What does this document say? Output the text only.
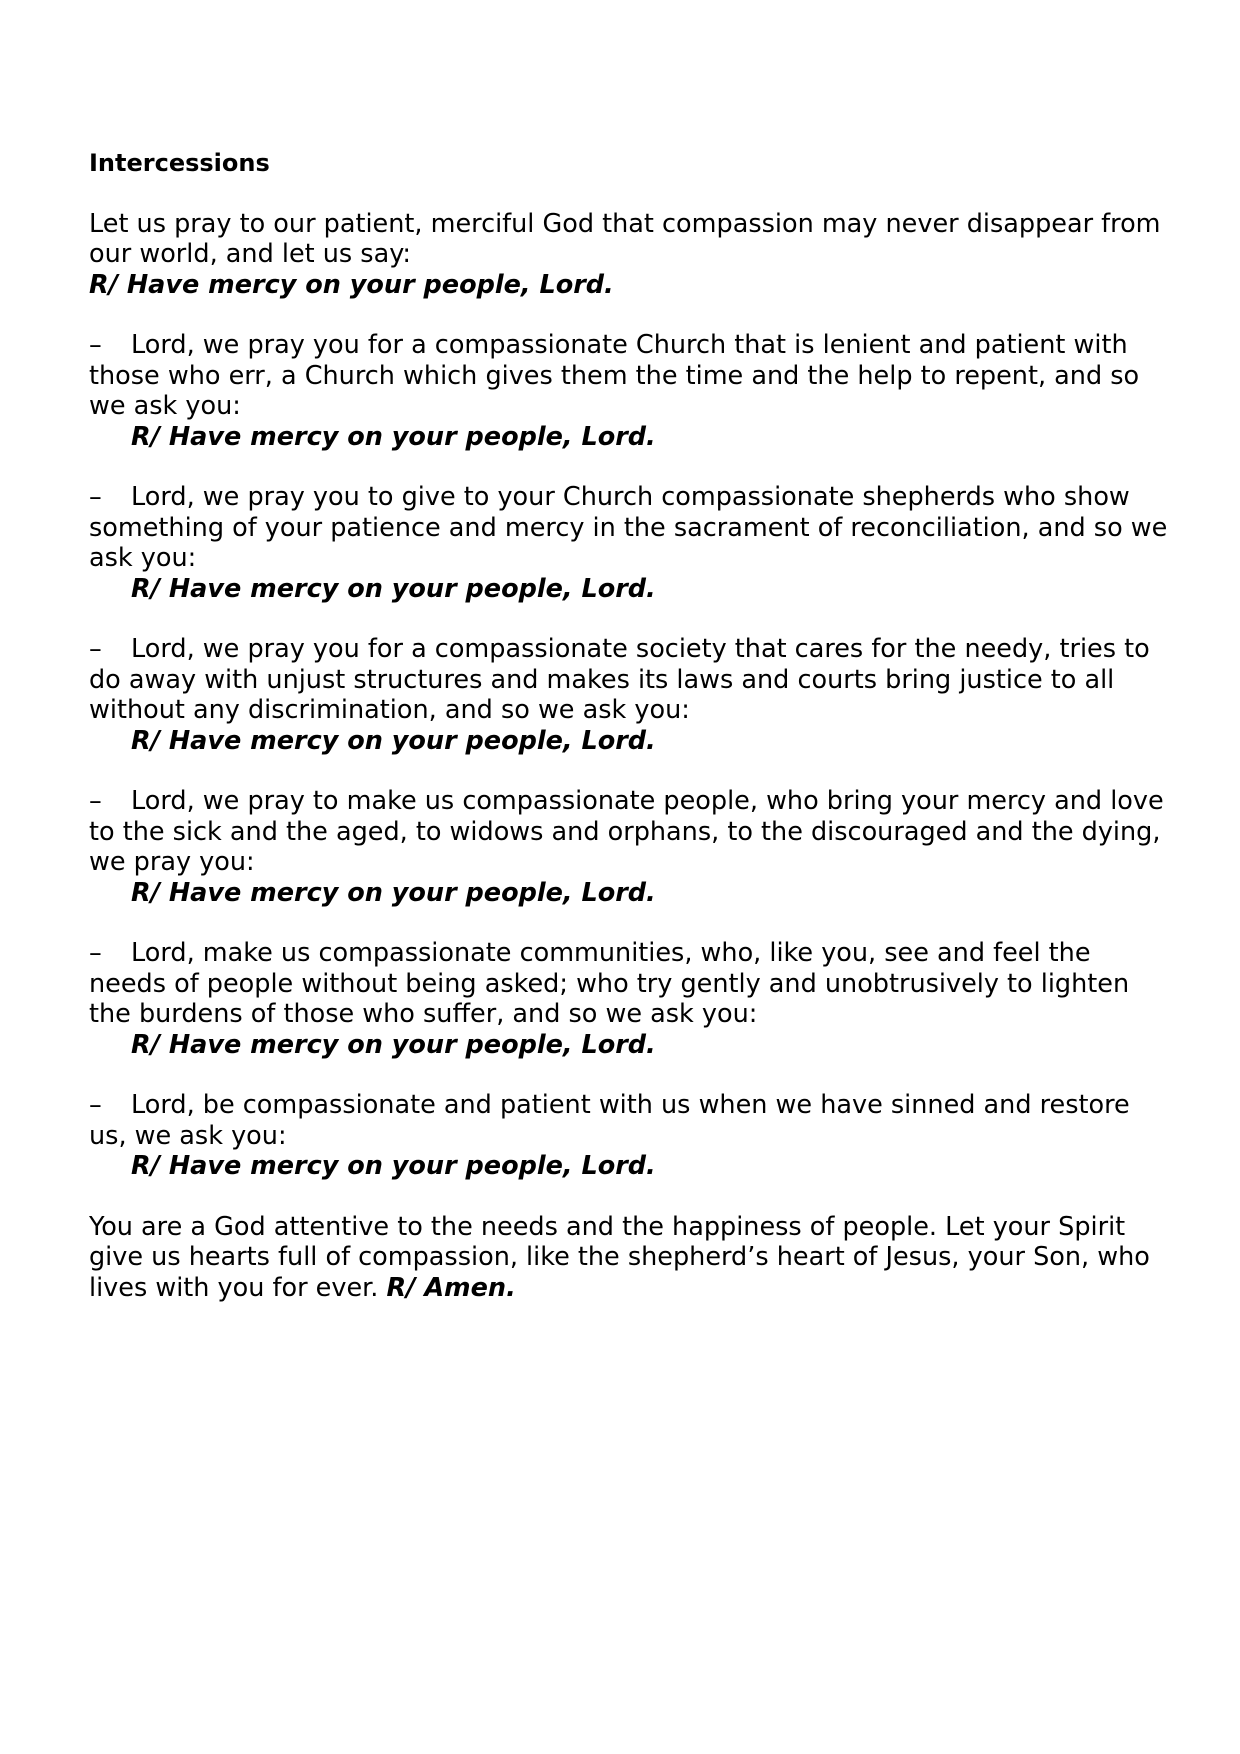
Intercessions
Let us pray to our patient, merciful God that compassion may never disappear from our world, and let us say:
R/ Have mercy on your people, Lord.
– Lord, we pray you for a compassionate Church that is lenient and patient with those who err, a Church which gives them the time and the help to repent, and so we ask you:
R/ Have mercy on your people, Lord.
– Lord, we pray you to give to your Church compassionate shepherds who show something of your patience and mercy in the sacrament of reconciliation, and so we ask you:
R/ Have mercy on your people, Lord.
– Lord, we pray you for a compassionate society that cares for the needy, tries to do away with unjust structures and makes its laws and courts bring justice to all without any discrimination, and so we ask you:
R/ Have mercy on your people, Lord.
– Lord, we pray to make us compassionate people, who bring your mercy and love to the sick and the aged, to widows and orphans, to the discouraged and the dying, we pray you:
R/ Have mercy on your people, Lord.
– Lord, make us compassionate communities, who, like you, see and feel the needs of people without being asked; who try gently and unobtrusively to lighten the burdens of those who suffer, and so we ask you:
R/ Have mercy on your people, Lord.
– Lord, be compassionate and patient with us when we have sinned and restore us, we ask you:
R/ Have mercy on your people, Lord.
You are a God attentive to the needs and the happiness of people. Let your Spirit give us hearts full of compassion, like the shepherd’s heart of Jesus, your Son, who lives with you for ever. R/ Amen.
